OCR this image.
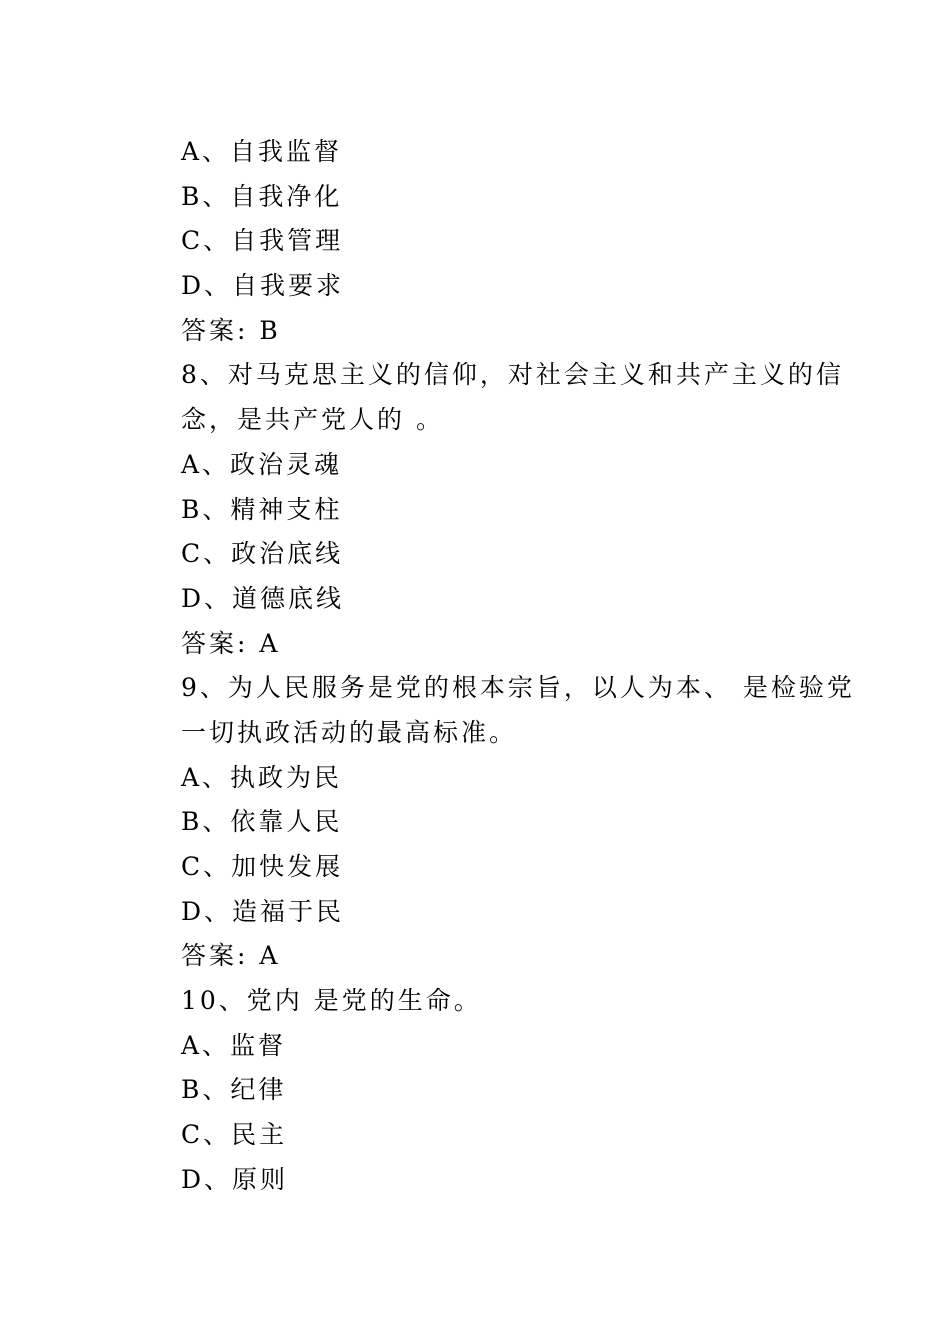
A、自我监督
B、自我净化
C、自我管理
D、自我要求
答案: B
8、对马克思主义的信仰，对社会主义和共产主义的信
念，是共产党人的 。
A、政治灵魂
B、精神支柱
C、政治底线
D、道德底线
答案: A
9、为人民服务是党的根本宗旨，以人为本、 是检验党
一切执政活动的最高标准。
A、执政为民
B、依靠人民
C、加快发展
D、造福于民
答案: A
10、党内 是党的生命。
A、监督
B、纪律
C、民主
D、原则
